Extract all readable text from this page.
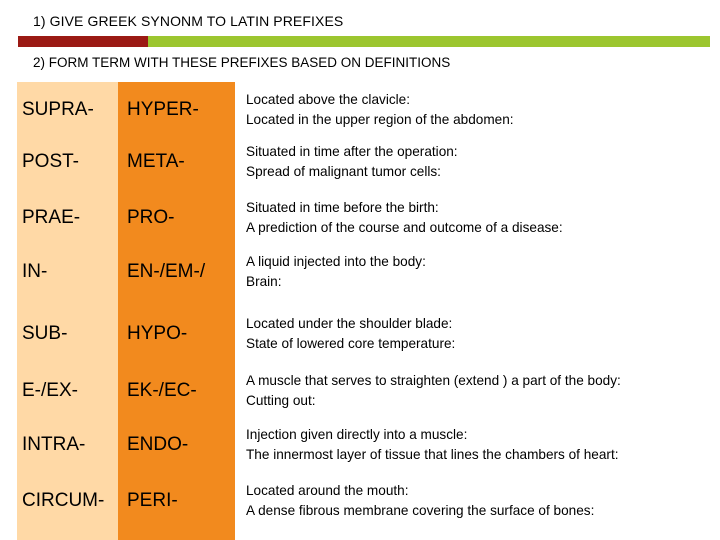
1) GIVE GREEK SYNONM TO LATIN PREFIXES
2) FORM TERM WITH THESE PREFIXES BASED ON DEFINITIONS
SUPRA- HYPER-	Located above the clavicle:
Located in the upper region of the abdomen:
POST-	META-	Situated in time after the operation:
Spread of malignant tumor cells:
PRAE- PRO-	Situated in time before the birth:
A prediction of the course and outcome of a disease:
IN-	EN-/EM-/	A liquid injected into the body:
Brain:
SUB-	HYPO-	Located under the shoulder blade:
State of lowered core temperature:
E-/EX-	EK-/EC-	A muscle that serves to straighten (extend ) a part of the body:
Cutting out:
INTRA- ENDO-	Injection given directly into a muscle:
The innermost layer of tissue that lines the chambers of heart:
CIRCUM- PERI-	Located around the mouth:
A dense fibrous membrane covering the surface of bones:
